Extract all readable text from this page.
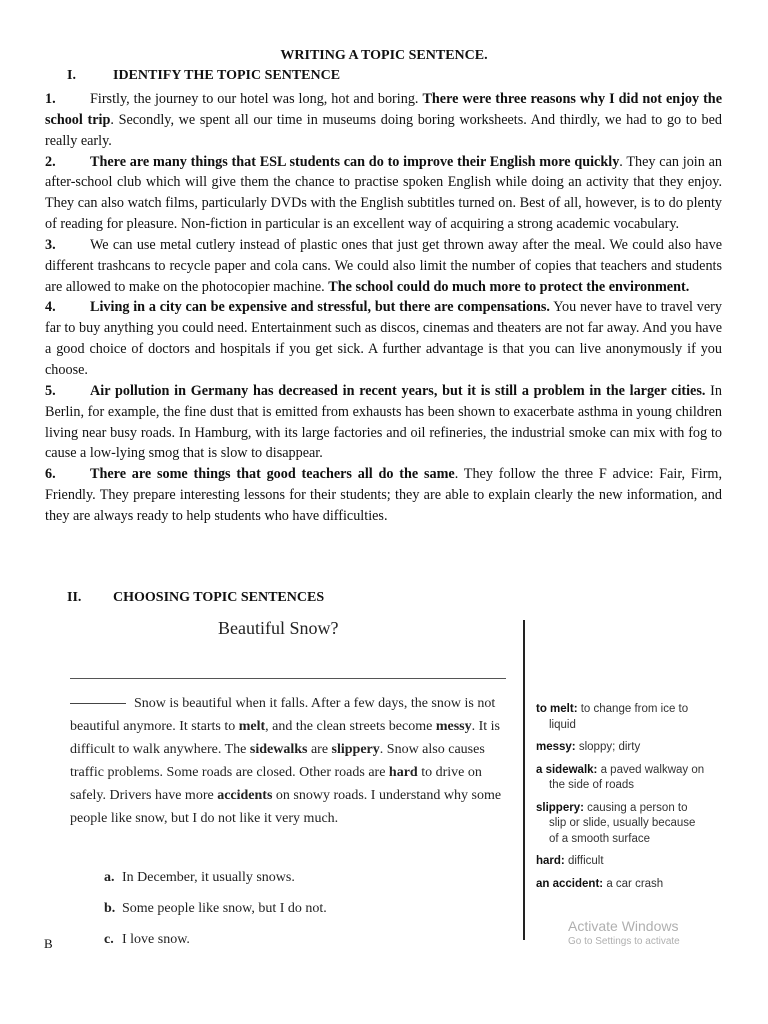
WRITING A TOPIC SENTENCE.
I.	IDENTIFY THE TOPIC SENTENCE

1. Firstly, the journey to our hotel was long, hot and boring. There were three reasons why I did not enjoy the school trip. Secondly, we spent all our time in museums doing boring worksheets. And thirdly, we had to go to bed really early.

2. There are many things that ESL students can do to improve their English more quickly. They can join an after-school club which will give them the chance to practise spoken English while doing an activity that they enjoy. They can also watch films, particularly DVDs with the English subtitles turned on. Best of all, however, is to do plenty of reading for pleasure. Non-fiction in particular is an excellent way of acquiring a strong academic vocabulary.

3. We can use metal cutlery instead of plastic ones that just get thrown away after the meal. We could also have different trashcans to recycle paper and cola cans. We could also limit the number of copies that teachers and students are allowed to make on the photocopier machine. The school could do much more to protect the environment.

4. Living in a city can be expensive and stressful, but there are compensations. You never have to travel very far to buy anything you could need. Entertainment such as discos, cinemas and theaters are not far away. And you have a good choice of doctors and hospitals if you get sick. A further advantage is that you can live anonymously if you choose.

5. Air pollution in Germany has decreased in recent years, but it is still a problem in the larger cities. In Berlin, for example, the fine dust that is emitted from exhausts has been shown to exacerbate asthma in young children living near busy roads. In Hamburg, with its large factories and oil refineries, the industrial smoke can mix with fog to cause a low-lying smog that is slow to disappear.

6. There are some things that good teachers all do the same. They follow the three F advice: Fair, Firm, Friendly. They prepare interesting lessons for their students; they are able to explain clearly the new information, and they are always ready to help students who have difficulties.

II. CHOOSING TOPIC SENTENCES
Beautiful Snow?
Snow is beautiful when it falls. After a few days, the snow is not beautiful anymore. It starts to melt, and the clean streets become messy. It is difficult to walk anywhere. The sidewalks are slippery. Snow also causes traffic problems. Some roads are closed. Other roads are hard to drive on safely. Drivers have more accidents on snowy roads. I understand why some people like snow, but I do not like it very much.
a. In December, it usually snows.
b. Some people like snow, but I do not.
c. I love snow.
to melt: to change from ice to liquid
messy: sloppy; dirty
a sidewalk: a paved walkway on the side of roads
slippery: causing a person to slip or slide, usually because of a smooth surface
hard: difficult
an accident: a car crash
B
Activate Windows
Go to Settings to activate
